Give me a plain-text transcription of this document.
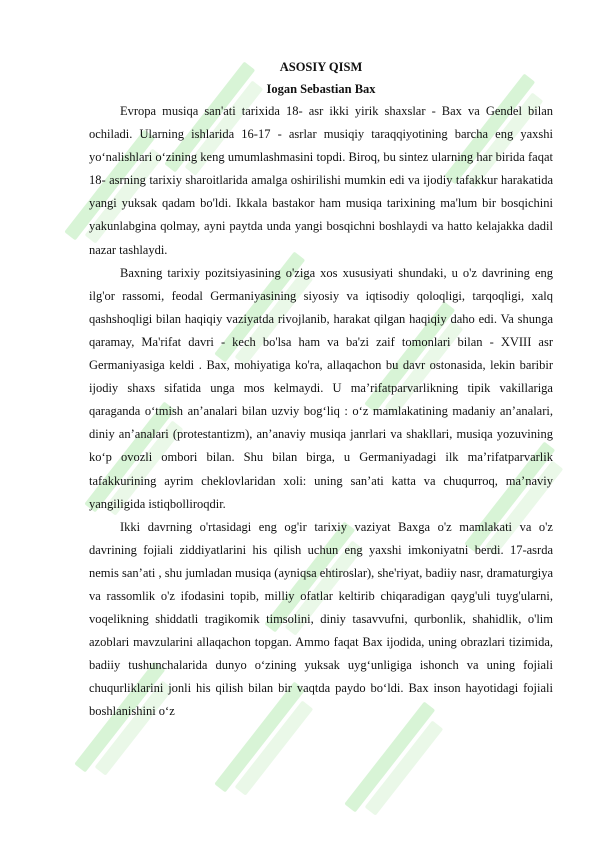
ASOSIY QISM

Iogan Sebastian Bax

Evropa musiqa san'ati tarixida 18- asr ikki yirik shaxslar - Bax va Gendel bilan ochiladi. Ularning ishlarida 16-17 - asrlar musiqiy taraqqiyotining barcha eng yaxshi yo‘nalishlari o‘zining keng umumlashmasini topdi. Biroq, bu sintez ularning har birida faqat 18- asrning tarixiy sharoitlarida amalga oshirilishi mumkin edi va ijodiy tafakkur harakatida yangi yuksak qadam bo'ldi. Ikkala bastakor ham musiqa tarixining ma'lum bir bosqichini yakunlabgina qolmay, ayni paytda unda yangi bosqichni boshlaydi va hatto kelajakka dadil nazar tashlaydi.

Baxning tarixiy pozitsiyasining o'ziga xos xususiyati shundaki, u o'z davrining eng ilg'or rassomi, feodal Germaniyasining siyosiy va iqtisodiy qoloqligi, tarqoqligi, xalq qashshoqligi bilan haqiqiy vaziyatda rivojlanib, harakat qilgan haqiqiy daho edi. Va shunga qaramay, Ma'rifat davri - kech bo'lsa ham va ba'zi zaif tomonlari bilan - XVIII asr Germaniyasiga keldi . Bax, mohiyatiga ko'ra, allaqachon bu davr ostonasida, lekin baribir ijodiy shaxs sifatida unga mos kelmaydi. U ma’rifatparvarlikning tipik vakillariga qaraganda o‘tmish an’analari bilan uzviy bog‘liq : o‘z mamlakatining madaniy an’analari, diniy an’analari (protestantizm), an’anaviy musiqa janrlari va shakllari, musiqa yozuvining ko‘p ovozli ombori bilan. Shu bilan birga, u Germaniyadagi ilk ma’rifatparvarlik tafakkurining ayrim cheklovlaridan xoli: uning san’ati katta va chuqurroq, ma’naviy yangiligida istiqbolliroqdir.

Ikki davrning o'rtasidagi eng og'ir tarixiy vaziyat Baxga o'z mamlakati va o'z davrining fojiali ziddiyatlarini his qilish uchun eng yaxshi imkoniyatni berdi. 17-asrda nemis san’ati , shu jumladan musiqa (ayniqsa ehtiroslar), she'riyat, badiiy nasr, dramaturgiya va rassomlik o'z ifodasini topib, milliy ofatlar keltirib chiqaradigan qayg'uli tuyg'ularni, voqelikning shiddatli tragikomik timsolini, diniy tasavvufni, qurbonlik, shahidlik, o'lim azoblari mavzularini allaqachon topgan. Ammo faqat Bax ijodida, uning obrazlari tizimida, badiiy tushunchalarida dunyo o‘zining yuksak uyg‘unligiga ishonch va uning fojiali chuqurliklarini jonli his qilish bilan bir vaqtda paydo bo‘ldi. Bax inson hayotidagi fojiali boshlanishini o‘z
